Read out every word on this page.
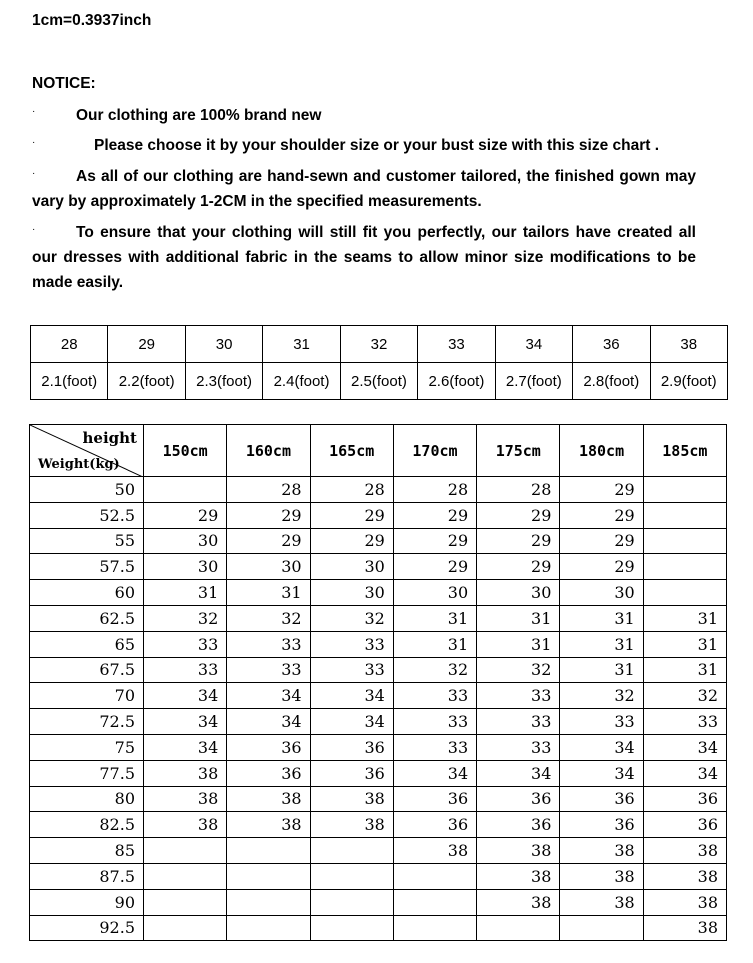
1cm=0.3937inch
NOTICE:
·	Our clothing are 100% brand new
·	Please choose it by your shoulder size or your bust size with this size chart .
·	As all of our clothing are hand-sewn and customer tailored, the finished gown may vary by approximately 1-2CM in the specified measurements.
·	To ensure that your clothing will still fit you perfectly, our tailors have created all our dresses with additional fabric in the seams to allow minor size modifications to be made easily.
28	29	30	31	32	33	34	36	38
2.1(foot)	2.2(foot)	2.3(foot)	2.4(foot)	2.5(foot)	2.6(foot)	2.7(foot)	2.8(foot)	2.9(foot)
height
Weight(kg)	150cm	160cm	165cm	170cm	175cm	180cm	185cm
50		28	28	28	28	29	
52.5	29	29	29	29	29	29	
55	30	29	29	29	29	29	
57.5	30	30	30	29	29	29	
60	31	31	30	30	30	30	
62.5	32	32	32	31	31	31	31
65	33	33	33	31	31	31	31
67.5	33	33	33	32	32	31	31
70	34	34	34	33	33	32	32
72.5	34	34	34	33	33	33	33
75	34	36	36	33	33	34	34
77.5	38	36	36	34	34	34	34
80	38	38	38	36	36	36	36
82.5	38	38	38	36	36	36	36
85				38	38	38	38
87.5					38	38	38
90					38	38	38
92.5							38
